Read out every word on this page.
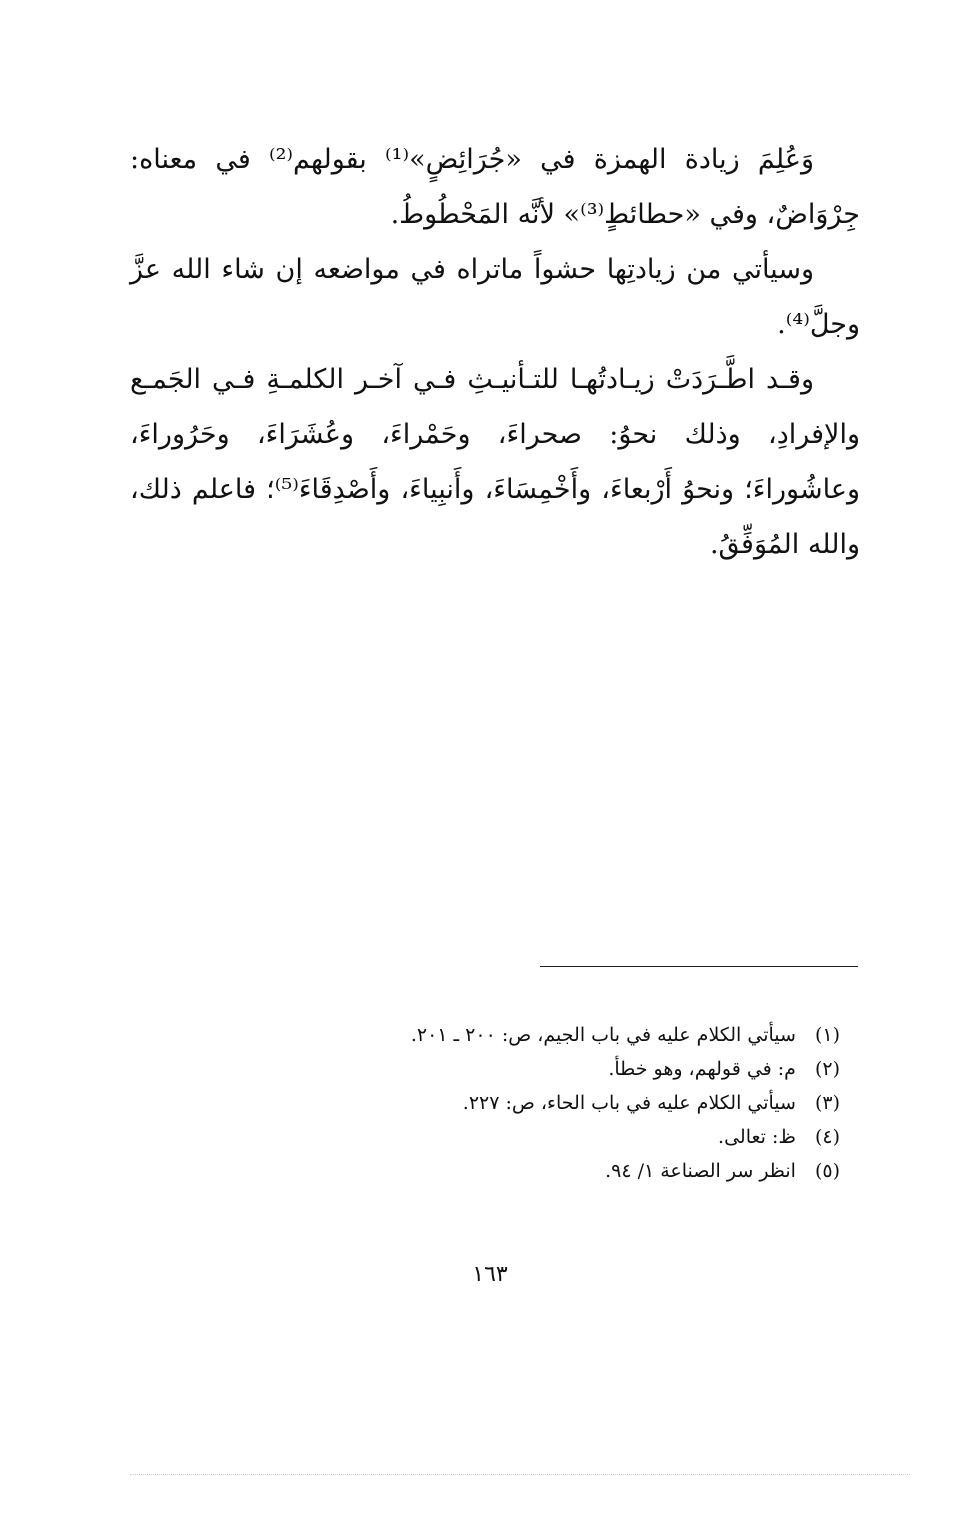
وَعُلِمَ زيادة الهمزة في «جُرَائِضٍ»⁽¹⁾ بقولهم⁽²⁾ في معناه: جِرْوَاضٌ، وفي «حطائطٍ⁽³⁾» لأنَّه المَحْطُوطُ.

وسيأتي من زيادتِها حشواً ماتراه في مواضعه إن شاء الله عزَّ وجلَّ⁽⁴⁾.

وقـد اطَّـرَدَتْ زيـادتُهـا للتـأنيـثِ فـي آخـر الكلمـةِ فـي الجَمـع والإفرادِ، وذلك نحوُ: صحراءَ، وحَمْراءَ، وعُشَرَاءَ، وحَرُوراءَ، وعاشُوراءَ؛ ونحوُ أَرْبعاءَ، وأَخْمِسَاءَ، وأَنبِياءَ، وأَصْدِقَاءَ⁽⁵⁾؛ فاعلم ذلك، والله المُوَفِّقُ.

(١) سيأتي الكلام عليه في باب الجيم، ص: ٢٠٠ ـ ٢٠١.
(٢) م: في قولهم، وهو خطأ.
(٣) سيأتي الكلام عليه في باب الحاء، ص: ٢٢٧.
(٤) ظ: تعالى.
(٥) انظر سر الصناعة ١/ ٩٤.
١٦٣
